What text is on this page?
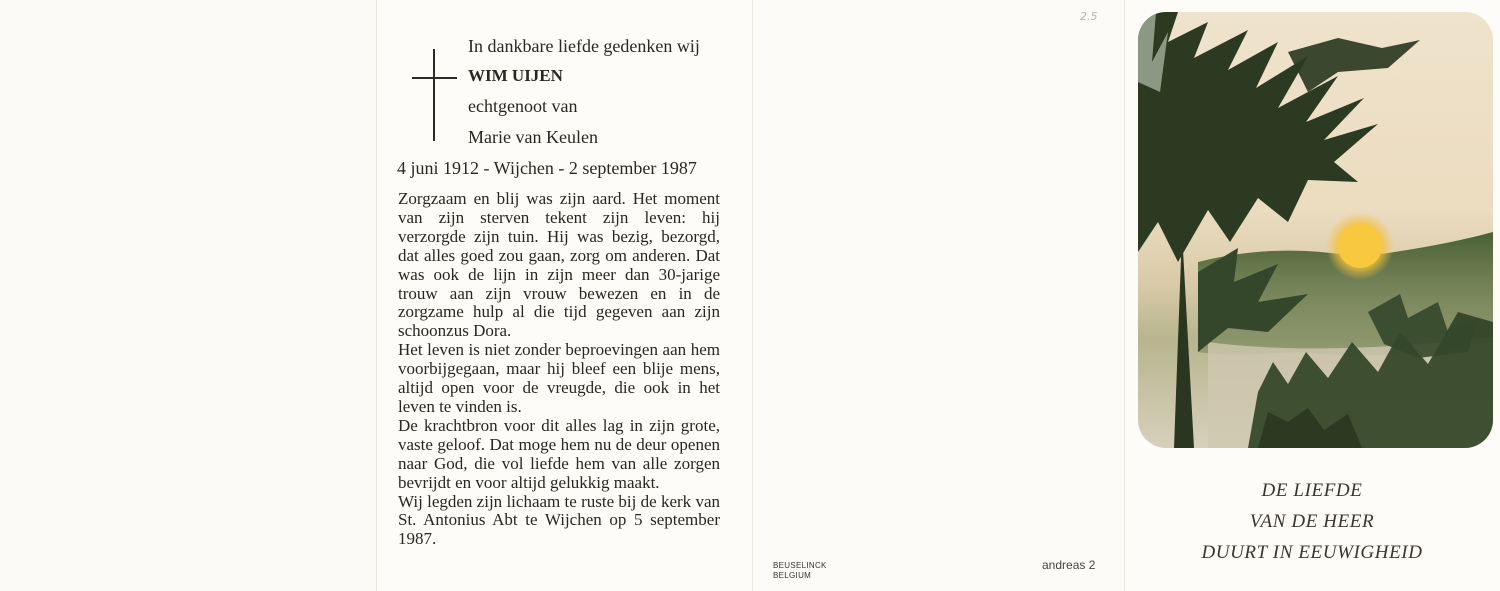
In dankbare liefde gedenken wij
WIM UIJEN
echtgenoot van
Marie van Keulen
4 juni 1912 - Wijchen - 2 september 1987

Zorgzaam en blij was zijn aard. Het moment van zijn sterven tekent zijn leven: hij verzorgde zijn tuin. Hij was bezig, bezorgd, dat alles goed zou gaan, zorg om anderen. Dat was ook de lijn in zijn meer dan 30-jarige trouw aan zijn vrouw bewezen en in de zorgzame hulp al die tijd gegeven aan zijn schoonzus Dora.

Het leven is niet zonder beproevingen aan hem voorbijgegaan, maar hij bleef een blije mens, altijd open voor de vreugde, die ook in het leven te vinden is.

De krachtbron voor dit alles lag in zijn grote, vaste geloof. Dat moge hem nu de deur openen naar God, die vol liefde hem van alle zorgen bevrijdt en voor altijd gelukkig maakt.

Wij legden zijn lichaam te ruste bij de kerk van St. Antonius Abt te Wijchen op 5 september 1987.

BEUSELINCK
BELGIUM
andreas 2
2.5
DE LIEFDE
VAN DE HEER
DUURT IN EEUWIGHEID
